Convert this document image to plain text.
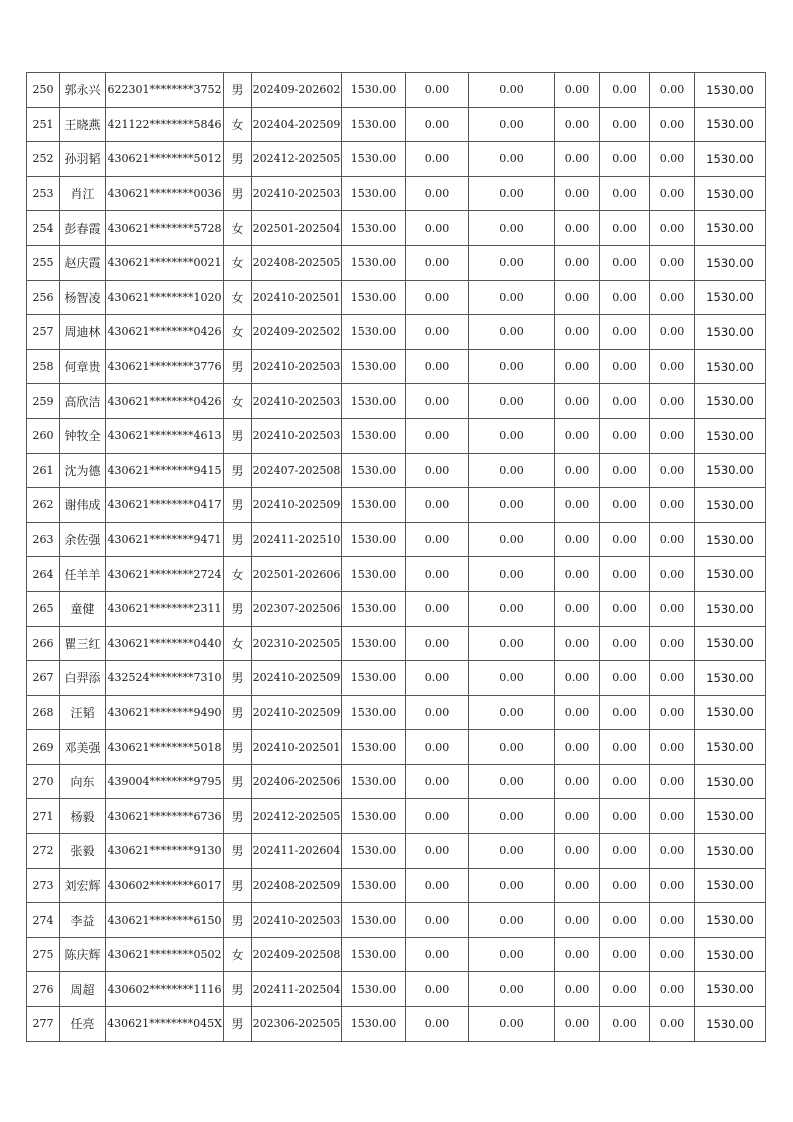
250	郭永兴	622301********3752	男	202409-202602	1530.00	0.00	0.00	0.00	0.00	0.00	1530.00
251	王晓燕	421122********5846	女	202404-202509	1530.00	0.00	0.00	0.00	0.00	0.00	1530.00
252	孙羽韬	430621********5012	男	202412-202505	1530.00	0.00	0.00	0.00	0.00	0.00	1530.00
253	肖江	430621********0036	男	202410-202503	1530.00	0.00	0.00	0.00	0.00	0.00	1530.00
254	彭春霞	430621********5728	女	202501-202504	1530.00	0.00	0.00	0.00	0.00	0.00	1530.00
255	赵庆霞	430621********0021	女	202408-202505	1530.00	0.00	0.00	0.00	0.00	0.00	1530.00
256	杨智凌	430621********1020	女	202410-202501	1530.00	0.00	0.00	0.00	0.00	0.00	1530.00
257	周迪林	430621********0426	女	202409-202502	1530.00	0.00	0.00	0.00	0.00	0.00	1530.00
258	何章贵	430621********3776	男	202410-202503	1530.00	0.00	0.00	0.00	0.00	0.00	1530.00
259	高欣洁	430621********0426	女	202410-202503	1530.00	0.00	0.00	0.00	0.00	0.00	1530.00
260	钟牧全	430621********4613	男	202410-202503	1530.00	0.00	0.00	0.00	0.00	0.00	1530.00
261	沈为德	430621********9415	男	202407-202508	1530.00	0.00	0.00	0.00	0.00	0.00	1530.00
262	谢伟成	430621********0417	男	202410-202509	1530.00	0.00	0.00	0.00	0.00	0.00	1530.00
263	余佐强	430621********9471	男	202411-202510	1530.00	0.00	0.00	0.00	0.00	0.00	1530.00
264	任羊羊	430621********2724	女	202501-202606	1530.00	0.00	0.00	0.00	0.00	0.00	1530.00
265	童健	430621********2311	男	202307-202506	1530.00	0.00	0.00	0.00	0.00	0.00	1530.00
266	瞿三红	430621********0440	女	202310-202505	1530.00	0.00	0.00	0.00	0.00	0.00	1530.00
267	白羿添	432524********7310	男	202410-202509	1530.00	0.00	0.00	0.00	0.00	0.00	1530.00
268	汪韬	430621********9490	男	202410-202509	1530.00	0.00	0.00	0.00	0.00	0.00	1530.00
269	邓美强	430621********5018	男	202410-202501	1530.00	0.00	0.00	0.00	0.00	0.00	1530.00
270	向东	439004********9795	男	202406-202506	1530.00	0.00	0.00	0.00	0.00	0.00	1530.00
271	杨毅	430621********6736	男	202412-202505	1530.00	0.00	0.00	0.00	0.00	0.00	1530.00
272	张毅	430621********9130	男	202411-202604	1530.00	0.00	0.00	0.00	0.00	0.00	1530.00
273	刘宏辉	430602********6017	男	202408-202509	1530.00	0.00	0.00	0.00	0.00	0.00	1530.00
274	李益	430621********6150	男	202410-202503	1530.00	0.00	0.00	0.00	0.00	0.00	1530.00
275	陈庆辉	430621********0502	女	202409-202508	1530.00	0.00	0.00	0.00	0.00	0.00	1530.00
276	周超	430602********1116	男	202411-202504	1530.00	0.00	0.00	0.00	0.00	0.00	1530.00
277	任亮	430621********045X	男	202306-202505	1530.00	0.00	0.00	0.00	0.00	0.00	1530.00
